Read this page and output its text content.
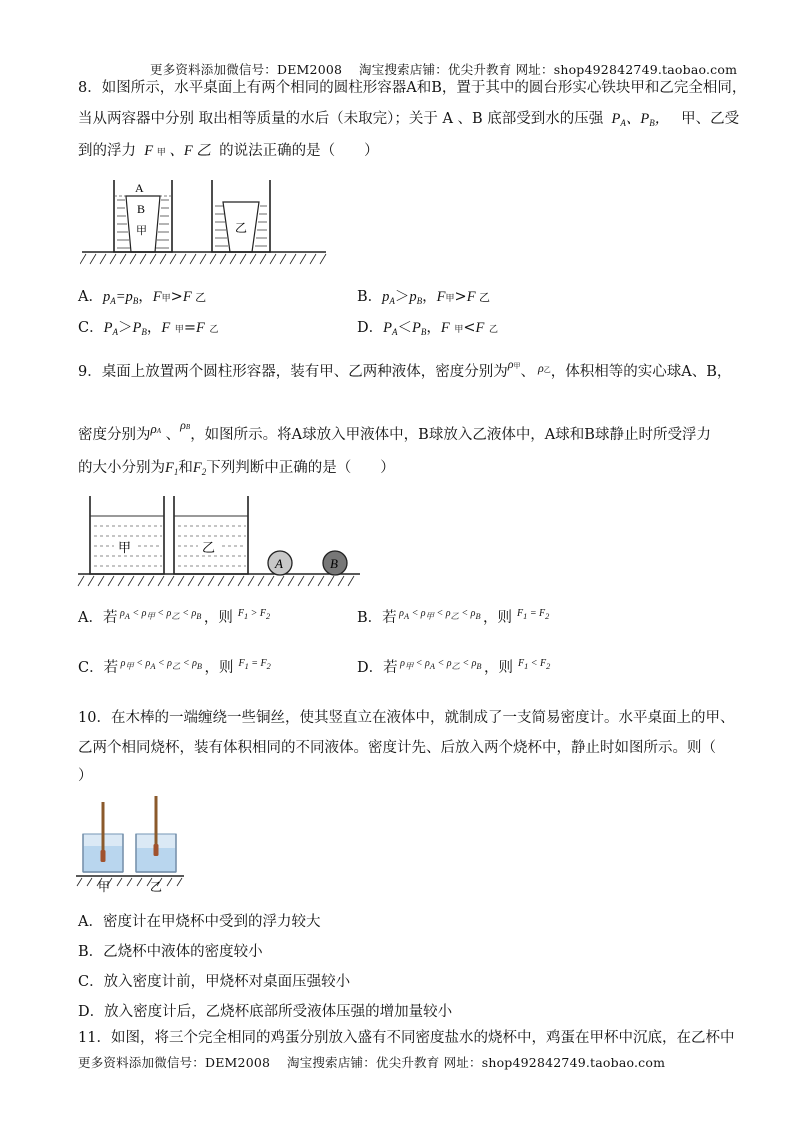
更多资料添加微信号：DEM2008　 淘宝搜索店铺：优尖升教育 网址：shop492842749.taobao.com
8．如图所示，水平桌面上有两个相同的圆柱形容器A和B，置于其中的圆台形实心铁块甲和乙完全相同，
当从两容器中分别 取出相等质量的水后（未取完）；关于 A 、B 底部受到水的压强  $P_A$、$P_B$，   甲、乙受
到的浮力  F 甲 、F 乙  的说法正确的是（　　）
A
B
甲	乙
A．$p_A=p_B$，F甲>F 乙	B．$p_A>p_B$，F甲>F 乙
C．$P_A>P_B$，F 甲=F 乙	D．$P_A<P_B$，F 甲<F 乙
9．桌面上放置两个圆柱形容器，装有甲、乙两种液体，密度分别为$^{\rho 甲}$、 $^{\rho 乙}$，体积相等的实心球A、B，
密度分别为ρA 、$^{\rho B}$，如图所示。将A球放入甲液体中，B球放入乙液体中，A球和B球静止时所受浮力
的大小分别为$F_1$和$F_2$下列判断中正确的是（　　）
甲	乙
A	B
A．若 $^{\rho_A < \rho_甲 < \rho_乙 < \rho_B}$ ，则  $^{F_1 > F_2}$	B．若 $^{\rho_A < \rho_甲 < \rho_乙 < \rho_B}$ ，则  $^{F_1 = F_2}$
C．若 $^{\rho_甲 < \rho_A < \rho_乙 < \rho_B}$ ，则  $^{F_1 = F_2}$	D．若 $^{\rho_甲 < \rho_A < \rho_乙 < \rho_B}$ ，则  $^{F_1 < F_2}$
10．在木棒的一端缠绕一些铜丝，使其竖直立在液体中，就制成了一支简易密度计。水平桌面上的甲、
乙两个相同烧杯，装有体积相同的不同液体。密度计先、后放入两个烧杯中，静止时如图所示。则（
）
甲	乙
A．密度计在甲烧杯中受到的浮力较大
B．乙烧杯中液体的密度较小
C．放入密度计前，甲烧杯对桌面压强较小
D．放入密度计后，乙烧杯底部所受液体压强的增加量较小
11．如图，将三个完全相同的鸡蛋分别放入盛有不同密度盐水的烧杯中，鸡蛋在甲杯中沉底，在乙杯中
更多资料添加微信号：DEM2008　 淘宝搜索店铺：优尖升教育 网址：shop492842749.taobao.com
